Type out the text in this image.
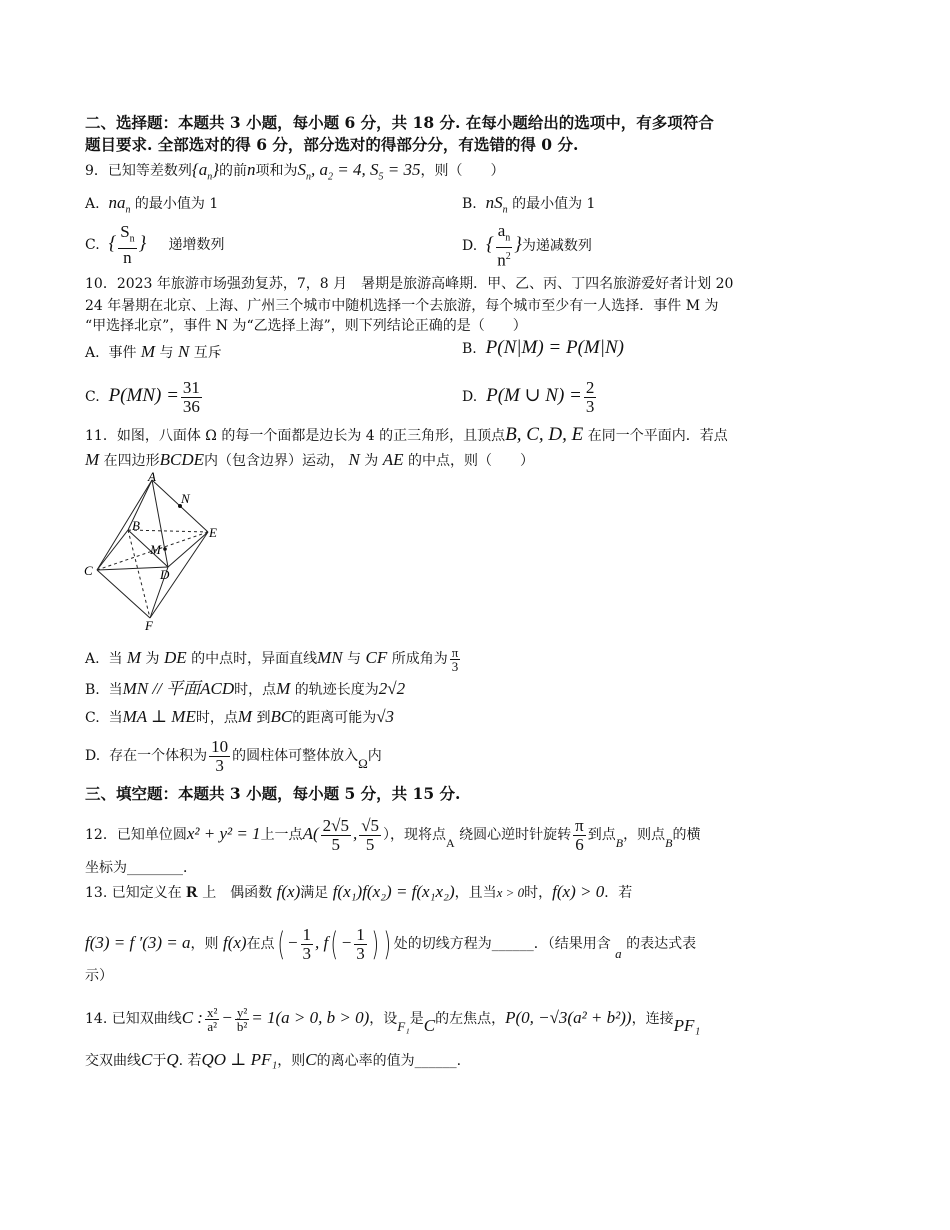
二、选择题：本题共 3 小题，每小题 6 分，共 18 分. 在每小题给出的选项中，有多项符合
题目要求. 全部选对的得 6 分，部分选对的得部分分，有选错的得 0 分.
9．已知等差数列$\{a_n\}$的前n项和为$S_n$, $a_2 = 4$, $S_5 = 35$，则（　　）
A. $na_n$ 的最小值为 1	B. $nS_n$ 的最小值为 1
C. { $\frac{S_n}{n}$ } 递增数列	D. { $\frac{a_n}{n^2}$ }为递减数列
10．2023 年旅游市场强劲复苏，7，8 月　暑期是旅游高峰期．甲、乙、丙、丁四名旅游爱好者计划 20
24 年暑期在北京、上海、广州三个城市中随机选择一个去旅游，每个城市至少有一人选择．事件 M 为
“甲选择北京”，事件 N 为“乙选择上海”，则下列结论正确的是（　　）
A. 事件 M 与 N 互斥	B. P(N|M) = P(M|N)
C. $P(MN) = \frac{31}{36}$	D. P(M ∪ $N) = \frac{2}{3}$
11．如图，八面体 Ω 的每一个面都是边长为 4 的正三角形，且顶点B, C, D, E 在同一个平面内．若点
M 在四边形BCDE内（包含边界）运动， N 为 AE 的中点，则（　　）
A
N
B	E
M
C	D
F
A. 当 M 为 DE 的中点时，异面直线MN 与 CF 所成角为 $\frac{\pi}{3}$
B. 当MN // 平面ACD时，点M 的轨迹长度为2√2
C. 当MA ⊥ ME时，点M 到BC的距离可能为√3
D. 存在一个体积为 $\frac{10}{3}$ 的圆柱体可整体放入Ω内
三、填空题：本题共 3 小题，每小题 5 分，共 15 分.
12．已知单位圆x² + y² = 1上一点$A( \frac{2√5}{5}$ , $\frac{√5}{5}$ ），现将点A 绕圆心逆时针旋转 $\frac{\pi}{6}$ 到点B，则点B的横
坐标为________．
13. 已知定义在 R 上　偶函数 f(x)满足 f(x₁)f(x₂) = f(x₁x₂)，且当x > 0时，f(x) > 0．若
f(3) = f ′(3) = a，则 f(x)在点( − $\frac{1}{3}$ , $f( - \frac{1}{3}$ ) ) 处的切线方程为______．（结果用含 a 的表达式表
示）
14. 已知双曲线C : $\frac{\text{x²}}{\text{a²}} - \frac{\text{y²}}{\text{b²}} = 1(a > 0$, b > 0)，设F₁是C的左焦点，P(0, −√3(a² + b²))，连接PF₁
交双曲线C于Q. 若QO ⊥ PF₁，则C的离心率的值为______.
